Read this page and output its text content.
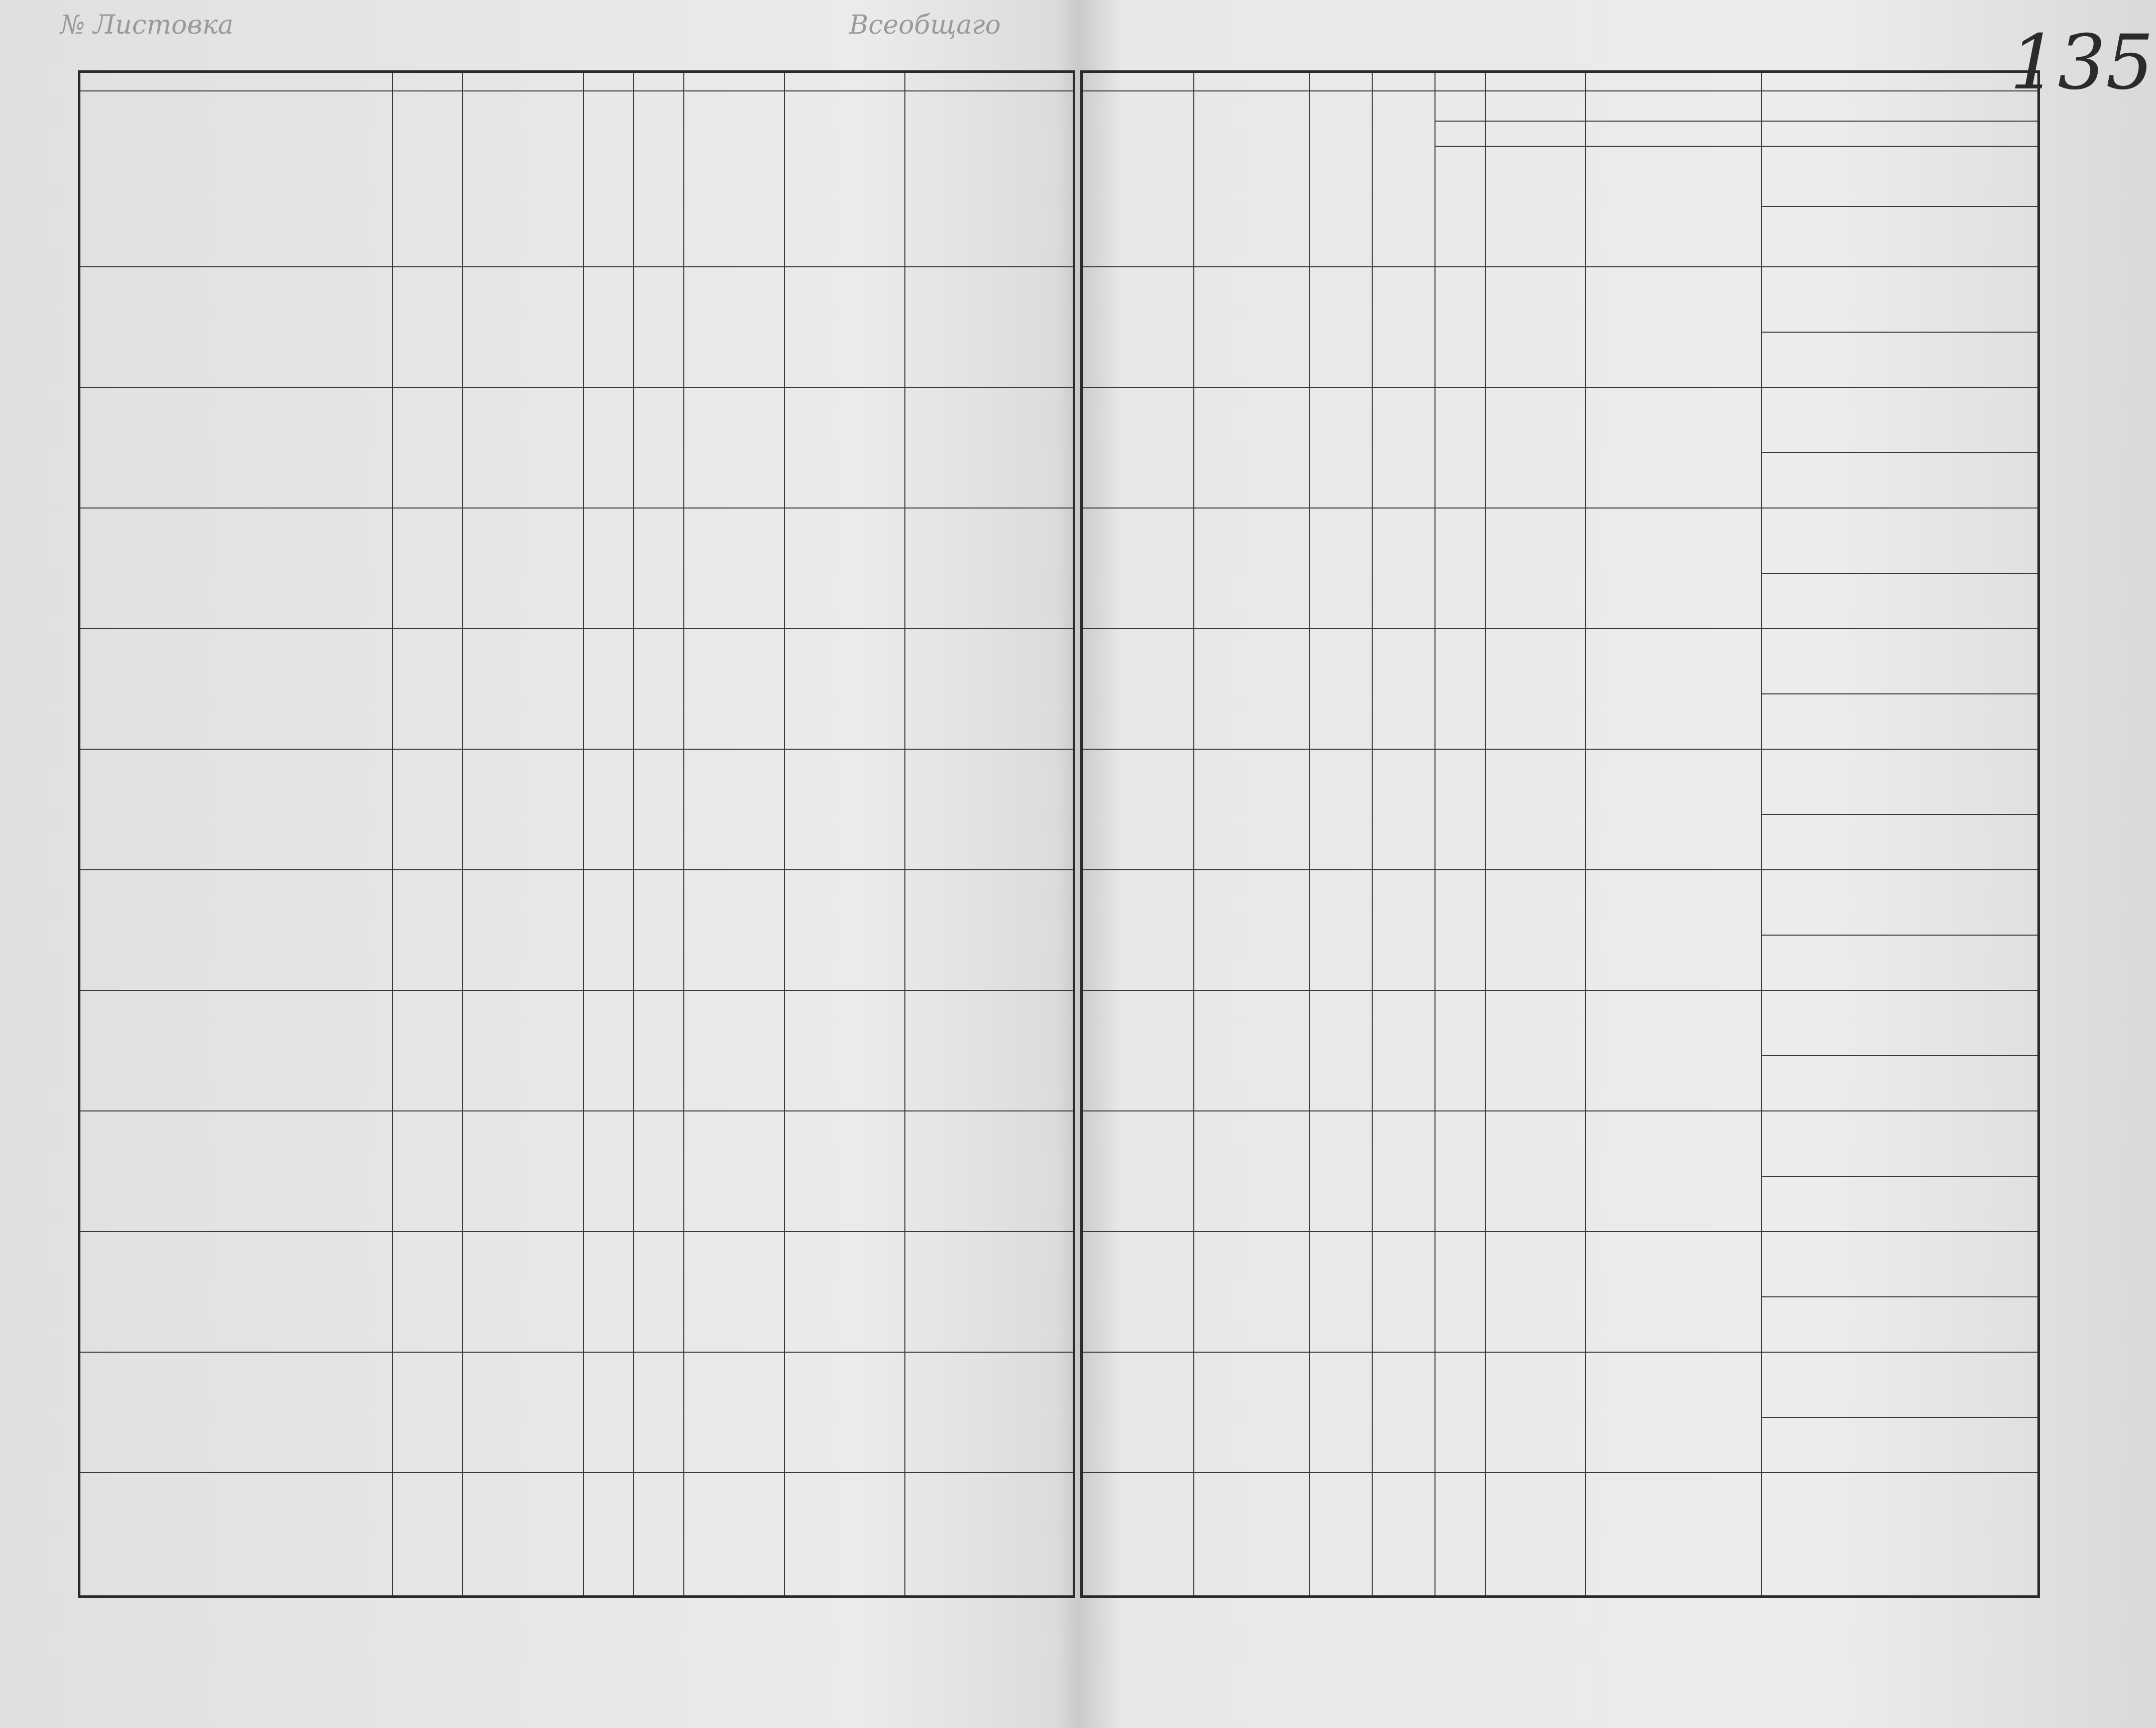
№ Листовка	Всеобщаго	135
